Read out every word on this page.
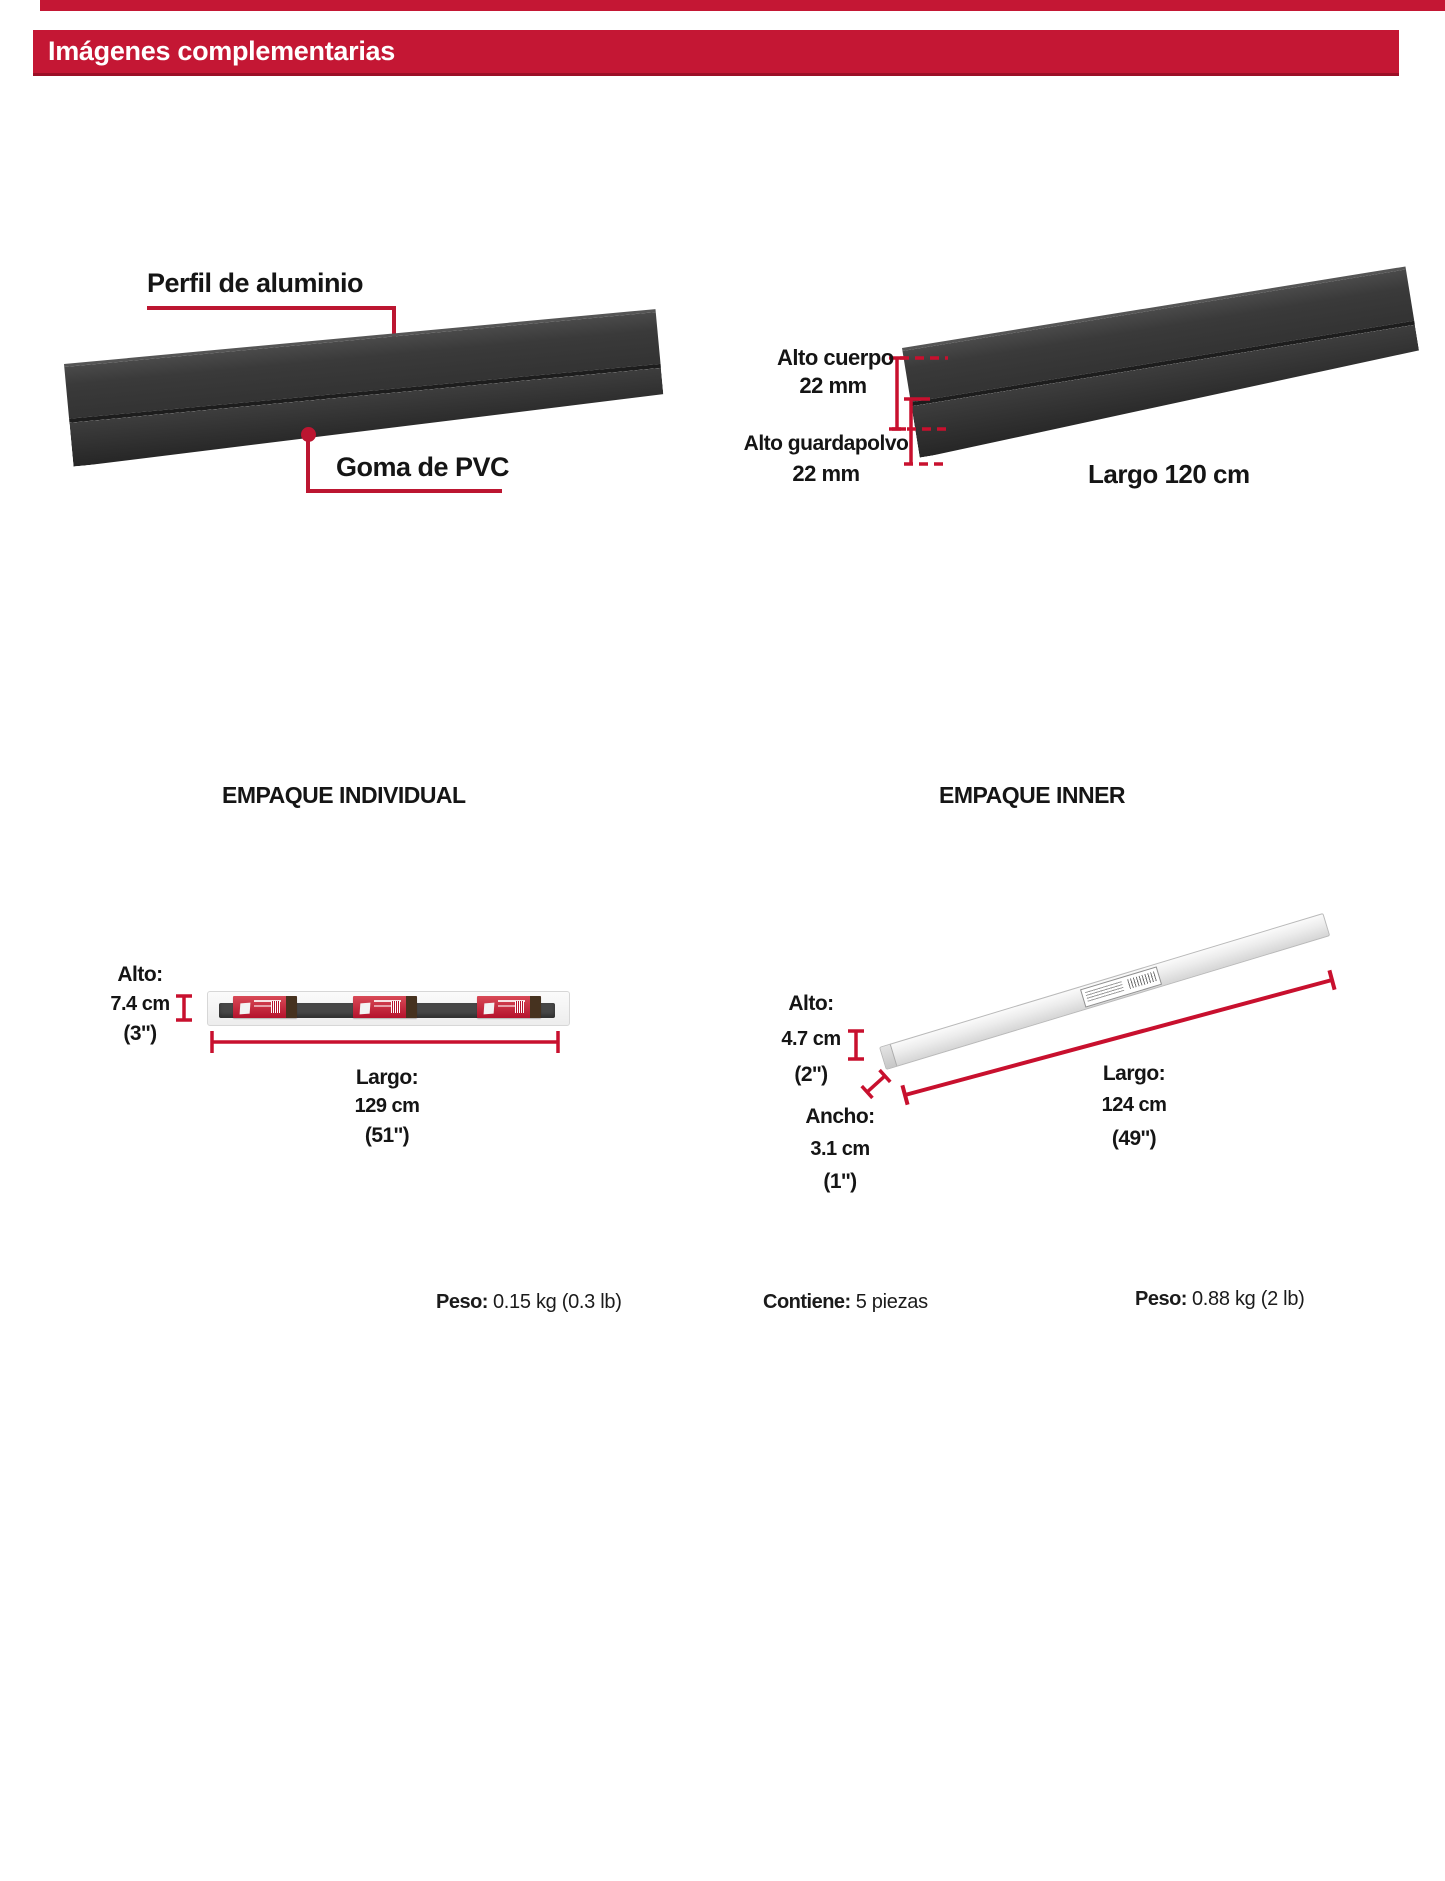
Imágenes complementarias
Perfil de aluminio
Goma de PVC
Alto cuerpo
22 mm
Alto guardapolvo
22 mm	Largo 120 cm
EMPAQUE INDIVIDUAL	EMPAQUE INNER
Alto:
7.4 cm
(3'')
Largo:
129 cm
(51'')
Alto:
4.7 cm
(2'')
Ancho:
3.1 cm
(1'')
Largo:
124 cm
(49'')
Peso: 0.15 kg (0.3 lb)	Contiene: 5 piezas	Peso: 0.88 kg (2 lb)
